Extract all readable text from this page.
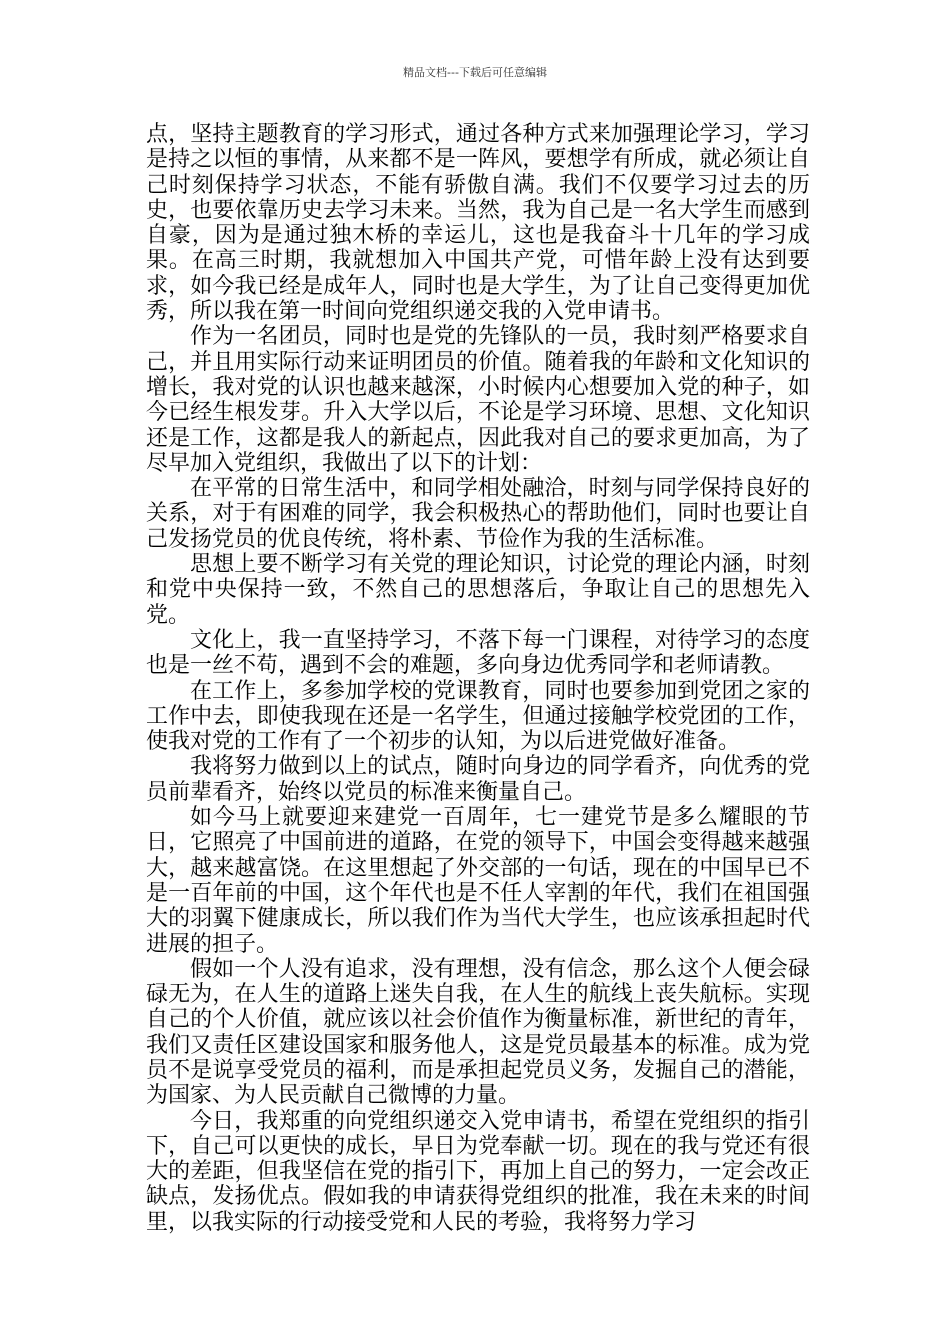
精品文档---下载后可任意编辑

点，坚持主题教育的学习形式，通过各种方式来加强理论学习，学习是持之以恒的事情，从来都不是一阵风，要想学有所成，就必须让自己时刻保持学习状态，不能有骄傲自满。我们不仅要学习过去的历史，也要依靠历史去学习未来。当然，我为自己是一名大学生而感到自豪，因为是通过独木桥的幸运儿，这也是我奋斗十几年的学习成果。在高三时期，我就想加入中国共产党，可惜年龄上没有达到要求，如今我已经是成年人，同时也是大学生，为了让自己变得更加优秀，所以我在第一时间向党组织递交我的入党申请书。

作为一名团员，同时也是党的先锋队的一员，我时刻严格要求自己，并且用实际行动来证明团员的价值。随着我的年龄和文化知识的增长，我对党的认识也越来越深，小时候内心想要加入党的种子，如今已经生根发芽。升入大学以后，不论是学习环境、思想、文化知识还是工作，这都是我人的新起点，因此我对自己的要求更加高，为了尽早加入党组织，我做出了以下的计划：

在平常的日常生活中，和同学相处融洽，时刻与同学保持良好的关系，对于有困难的同学，我会积极热心的帮助他们，同时也要让自己发扬党员的优良传统，将朴素、节俭作为我的生活标准。

思想上要不断学习有关党的理论知识，讨论党的理论内涵，时刻和党中央保持一致，不然自己的思想落后，争取让自己的思想先入党。

文化上，我一直坚持学习，不落下每一门课程，对待学习的态度也是一丝不苟，遇到不会的难题，多向身边优秀同学和老师请教。

在工作上，多参加学校的党课教育，同时也要参加到党团之家的工作中去，即使我现在还是一名学生，但通过接触学校党团的工作，使我对党的工作有了一个初步的认知，为以后进党做好准备。

我将努力做到以上的试点，随时向身边的同学看齐，向优秀的党员前辈看齐，始终以党员的标准来衡量自己。

如今马上就要迎来建党一百周年，七一建党节是多么耀眼的节日，它照亮了中国前进的道路，在党的领导下，中国会变得越来越强大，越来越富饶。在这里想起了外交部的一句话，现在的中国早已不是一百年前的中国，这个年代也是不任人宰割的年代，我们在祖国强大的羽翼下健康成长，所以我们作为当代大学生，也应该承担起时代进展的担子。

假如一个人没有追求，没有理想，没有信念，那么这个人便会碌碌无为，在人生的道路上迷失自我，在人生的航线上丧失航标。实现自己的个人价值，就应该以社会价值作为衡量标准，新世纪的青年，我们又责任区建设国家和服务他人，这是党员最基本的标准。成为党员不是说享受党员的福利，而是承担起党员义务，发掘自己的潜能，为国家、为人民贡献自己微博的力量。

今日，我郑重的向党组织递交入党申请书，希望在党组织的指引下，自己可以更快的成长，早日为党奉献一切。现在的我与党还有很大的差距，但我坚信在党的指引下，再加上自己的努力，一定会改正缺点，发扬优点。假如我的申请获得党组织的批准，我在未来的时间里，以我实际的行动接受党和人民的考验，我将努力学习
